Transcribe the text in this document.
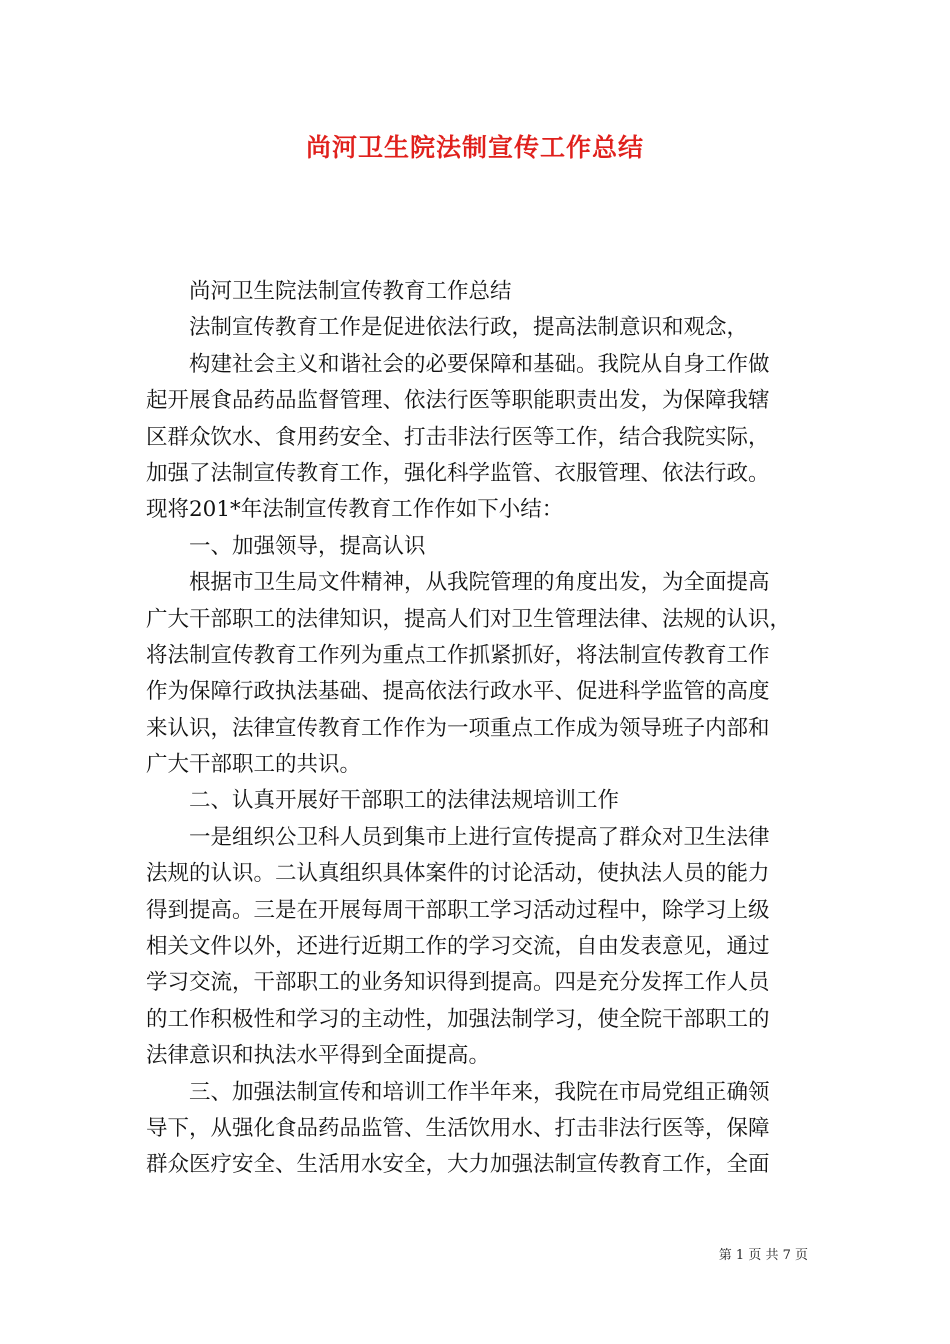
尚河卫生院法制宣传工作总结
尚河卫生院法制宣传教育工作总结
法制宣传教育工作是促进依法行政，提高法制意识和观念，
构建社会主义和谐社会的必要保障和基础。我院从自身工作做
起开展食品药品监督管理、依法行医等职能职责出发，为保障我辖
区群众饮水、食用药安全、打击非法行医等工作，结合我院实际，
加强了法制宣传教育工作，强化科学监管、衣服管理、依法行政。
现将201*年法制宣传教育工作作如下小结：
一、加强领导，提高认识
根据市卫生局文件精神，从我院管理的角度出发，为全面提高
广大干部职工的法律知识，提高人们对卫生管理法律、法规的认识，
将法制宣传教育工作列为重点工作抓紧抓好，将法制宣传教育工作
作为保障行政执法基础、提高依法行政水平、促进科学监管的高度
来认识，法律宣传教育工作作为一项重点工作成为领导班子内部和
广大干部职工的共识。
二、认真开展好干部职工的法律法规培训工作
一是组织公卫科人员到集市上进行宣传提高了群众对卫生法律
法规的认识。二认真组织具体案件的讨论活动，使执法人员的能力
得到提高。三是在开展每周干部职工学习活动过程中，除学习上级
相关文件以外，还进行近期工作的学习交流，自由发表意见，通过
学习交流，干部职工的业务知识得到提高。四是充分发挥工作人员
的工作积极性和学习的主动性，加强法制学习，使全院干部职工的
法律意识和执法水平得到全面提高。
三、加强法制宣传和培训工作半年来，我院在市局党组正确领
导下，从强化食品药品监管、生活饮用水、打击非法行医等，保障
群众医疗安全、生活用水安全，大力加强法制宣传教育工作，全面
第 1 页 共 7 页
